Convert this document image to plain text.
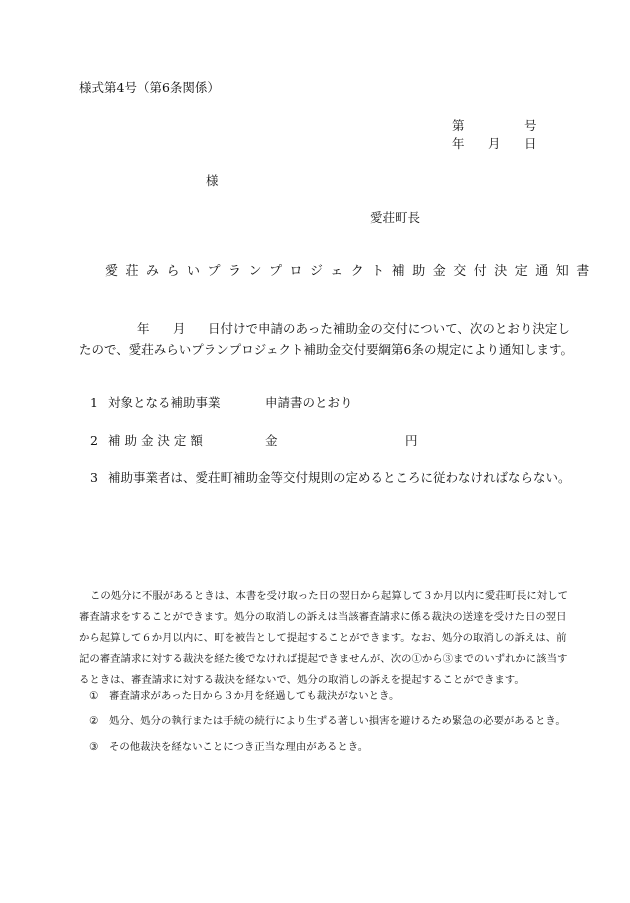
様式第4号（第6条関係）
第	号
年 月 日
様
愛荘町長
愛荘みらいプランプロジェクト補助金交付決定通知書
年 月 日付けで申請のあった補助金の交付について、次のとおり決定し
たので、愛荘みらいプランプロジェクト補助金交付要綱第6条の規定により通知します。
1 対象となる補助事業	申請書のとおり
2 補 助 金 決 定 額	金	円
3 補助事業者は、愛荘町補助金等交付規則の定めるところに従わなければならない。
この処分に不服があるときは、本書を受け取った日の翌日から起算して３か月以内に愛荘町長に対して
審査請求をすることができます。処分の取消しの訴えは当該審査請求に係る裁決の送達を受けた日の翌日
から起算して６か月以内に、町を被告として提起することができます。なお、処分の取消しの訴えは、前
記の審査請求に対する裁決を経た後でなければ提起できませんが、次の①から③までのいずれかに該当す
るときは、審査請求に対する裁決を経ないで、処分の取消しの訴えを提起することができます。
① 審査請求があった日から３か月を経過しても裁決がないとき。
② 処分、処分の執行または手続の続行により生ずる著しい損害を避けるため緊急の必要があるとき。
③ その他裁決を経ないことにつき正当な理由があるとき。
